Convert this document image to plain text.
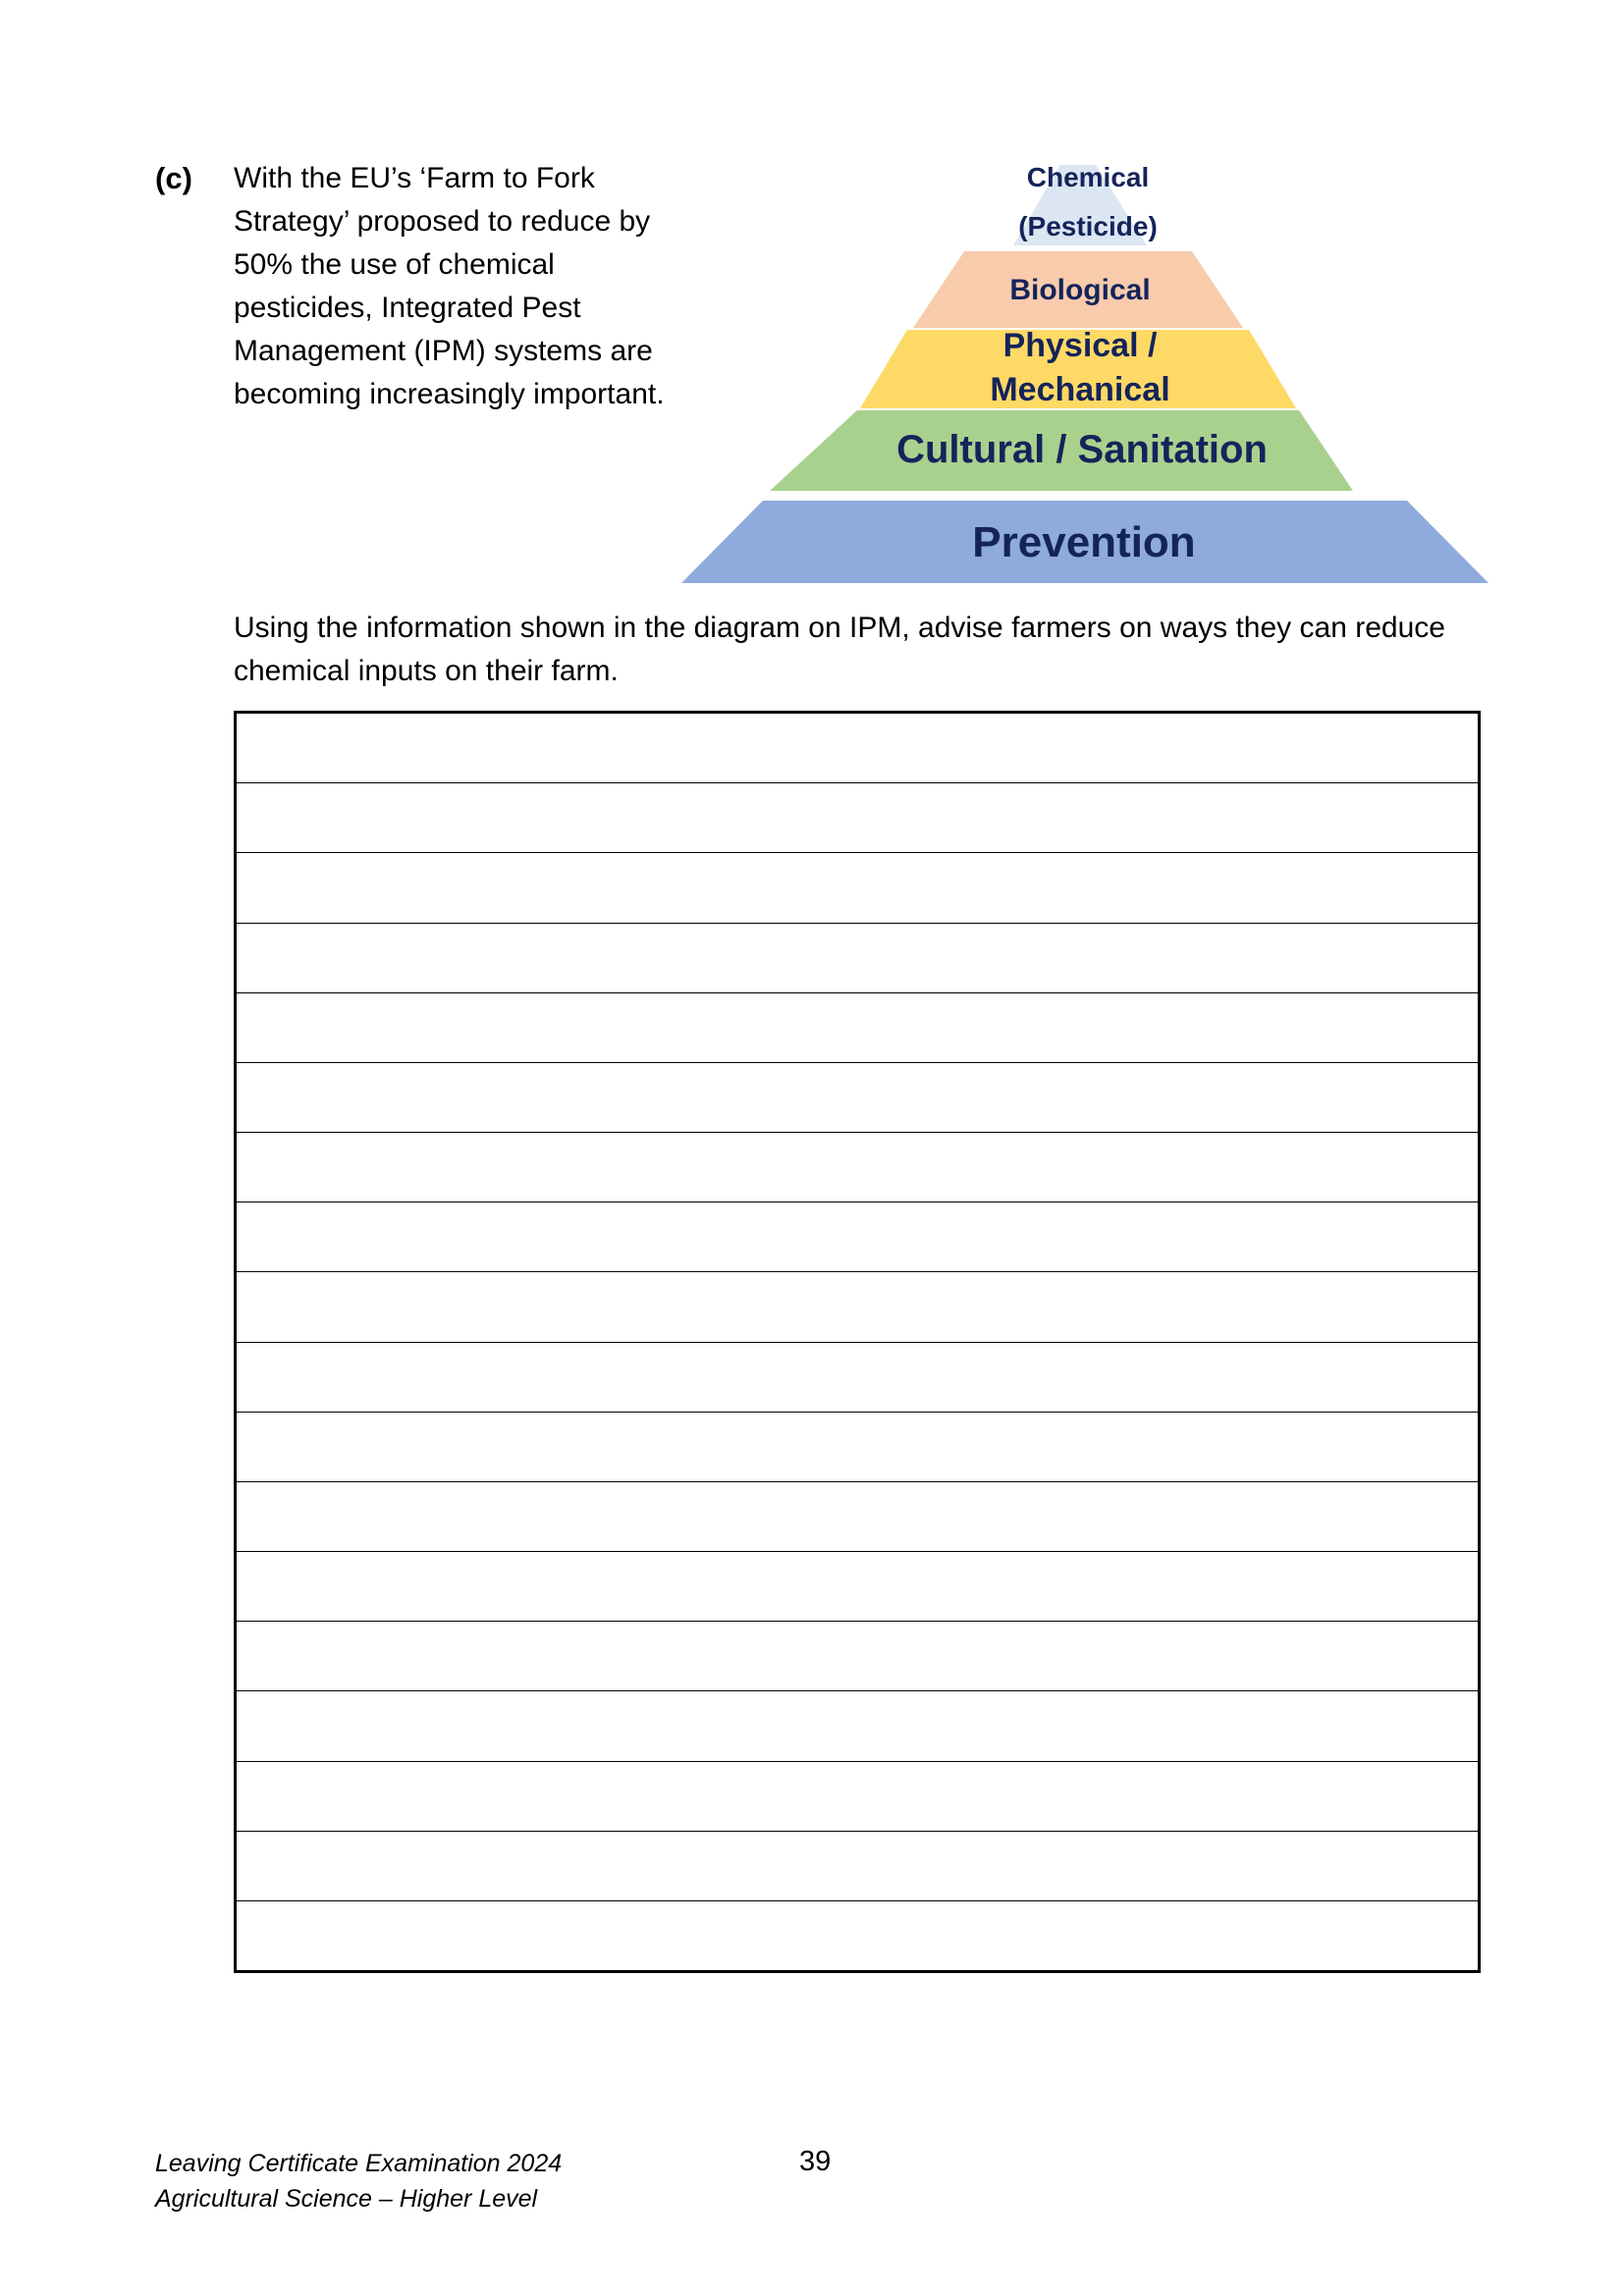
(c) With the EU’s ‘Farm to Fork Strategy’ proposed to reduce by 50% the use of chemical pesticides, Integrated Pest Management (IPM) systems are becoming increasingly important.
Chemical
(Pesticide)
Biological
Physical /
Mechanical
Cultural / Sanitation
Prevention
Using the information shown in the diagram on IPM, advise farmers on ways they can reduce chemical inputs on their farm.
Leaving Certificate Examination 2024
Agricultural Science – Higher Level
39
